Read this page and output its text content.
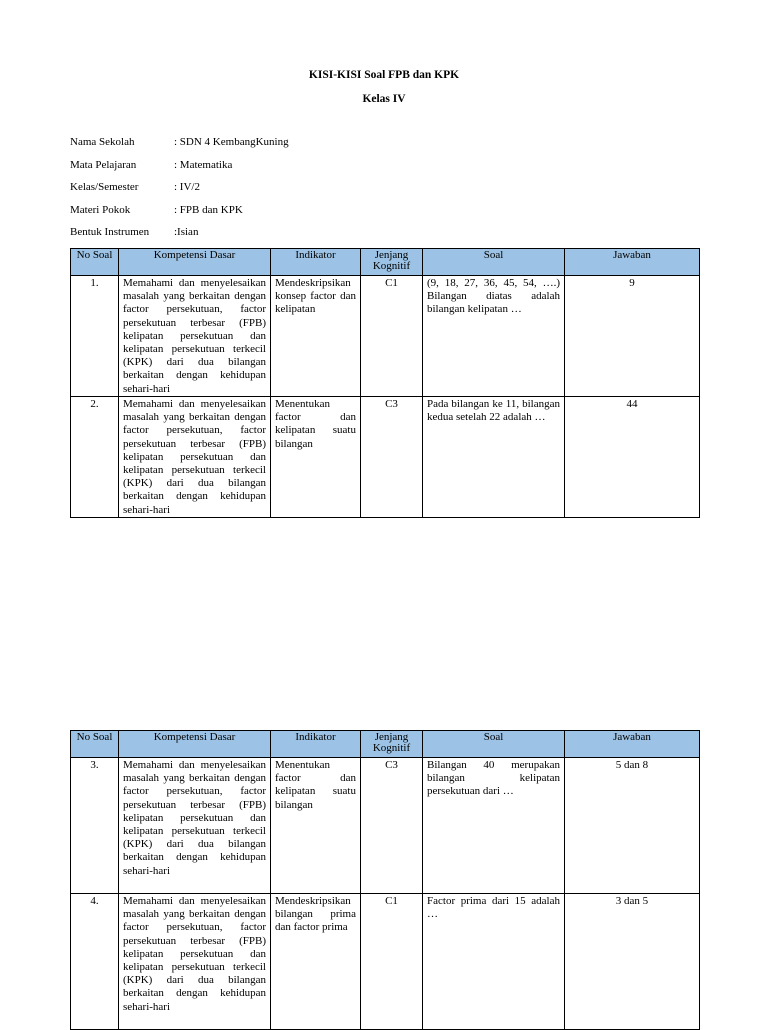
KISI-KISI Soal FPB dan KPK
Kelas IV
Nama Sekolah	: SDN 4 KembangKuning
Mata Pelajaran	: Matematika
Kelas/Semester	: IV/2
Materi Pokok	: FPB dan KPK
Bentuk Instrumen	:Isian
No Soal	Kompetensi Dasar	Indikator	Jenjang Kognitif	Soal	Jawaban
1.	Memahami dan menyelesaikan masalah yang berkaitan dengan factor persekutuan, factor persekutuan terbesar (FPB) kelipatan persekutuan dan kelipatan persekutuan terkecil (KPK) dari dua bilangan berkaitan dengan kehidupan sehari-hari	Mendeskripsikan konsep factor dan kelipatan	C1	(9, 18, 27, 36, 45, 54, ….) Bilangan diatas adalah bilangan kelipatan …	9
2.	Memahami dan menyelesaikan masalah yang berkaitan dengan factor persekutuan, factor persekutuan terbesar (FPB) kelipatan persekutuan dan kelipatan persekutuan terkecil (KPK) dari dua bilangan berkaitan dengan kehidupan sehari-hari	Menentukan factor dan kelipatan suatu bilangan	C3	Pada bilangan ke 11, bilangan kedua setelah 22 adalah …	44
No Soal	Kompetensi Dasar	Indikator	Jenjang Kognitif	Soal	Jawaban
3.	Memahami dan menyelesaikan masalah yang berkaitan dengan factor persekutuan, factor persekutuan terbesar (FPB) kelipatan persekutuan dan kelipatan persekutuan terkecil (KPK) dari dua bilangan berkaitan dengan kehidupan sehari-hari	Menentukan factor dan kelipatan suatu bilangan	C3	Bilangan 40 merupakan bilangan kelipatan persekutuan dari …	5 dan 8
4.	Memahami dan menyelesaikan masalah yang berkaitan dengan factor persekutuan, factor persekutuan terbesar (FPB) kelipatan persekutuan dan kelipatan persekutuan terkecil (KPK) dari dua bilangan berkaitan dengan kehidupan sehari-hari	Mendeskripsikan bilangan prima dan factor prima	C1	Factor prima dari 15 adalah …	3 dan 5
